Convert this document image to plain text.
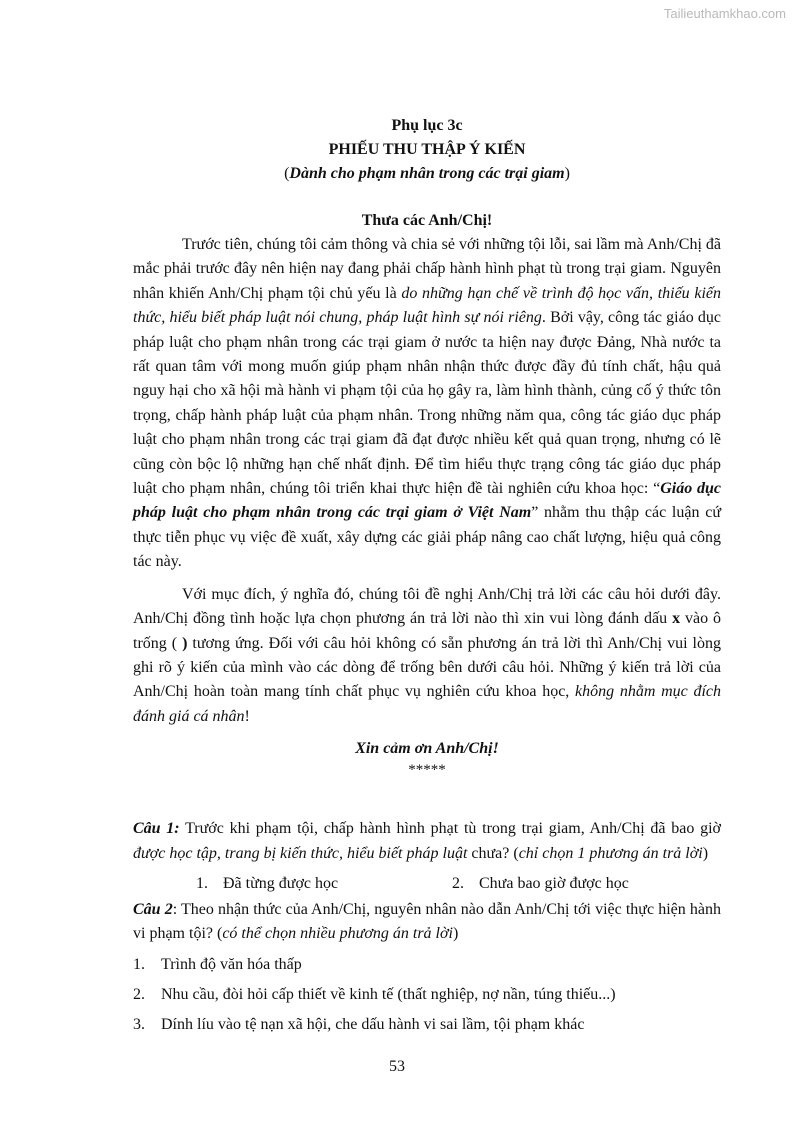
Tailieuthamkhao.com
Phụ lục 3c
PHIẾU THU THẬP Ý KIẾN
(Dành cho phạm nhân trong các trại giam)
Thưa các Anh/Chị!

Trước tiên, chúng tôi cảm thông và chia sẻ với những tội lỗi, sai lầm mà Anh/Chị đã mắc phải trước đây nên hiện nay đang phải chấp hành hình phạt tù trong trại giam. Nguyên nhân khiến Anh/Chị phạm tội chủ yếu là do những hạn chế về trình độ học vấn, thiếu kiến thức, hiểu biết pháp luật nói chung, pháp luật hình sự nói riêng. Bởi vậy, công tác giáo dục pháp luật cho phạm nhân trong các trại giam ở nước ta hiện nay được Đảng, Nhà nước ta rất quan tâm với mong muốn giúp phạm nhân nhận thức được đầy đủ tính chất, hậu quả nguy hại cho xã hội mà hành vi phạm tội của họ gây ra, làm hình thành, củng cố ý thức tôn trọng, chấp hành pháp luật của phạm nhân. Trong những năm qua, công tác giáo dục pháp luật cho phạm nhân trong các trại giam đã đạt được nhiều kết quả quan trọng, nhưng có lẽ cũng còn bộc lộ những hạn chế nhất định. Để tìm hiểu thực trạng công tác giáo dục pháp luật cho phạm nhân, chúng tôi triển khai thực hiện đề tài nghiên cứu khoa học: “Giáo dục pháp luật cho phạm nhân trong các trại giam ở Việt Nam” nhằm thu thập các luận cứ thực tiễn phục vụ việc đề xuất, xây dựng các giải pháp nâng cao chất lượng, hiệu quả công tác này.

Với mục đích, ý nghĩa đó, chúng tôi đề nghị Anh/Chị trả lời các câu hỏi dưới đây. Anh/Chị đồng tình hoặc lựa chọn phương án trả lời nào thì xin vui lòng đánh dấu x vào ô trống ( ) tương ứng. Đối với câu hỏi không có sẵn phương án trả lời thì Anh/Chị vui lòng ghi rõ ý kiến của mình vào các dòng để trống bên dưới câu hỏi. Những ý kiến trả lời của Anh/Chị hoàn toàn mang tính chất phục vụ nghiên cứu khoa học, không nhằm mục đích đánh giá cá nhân!

Xin cảm ơn Anh/Chị!
*****
Câu 1: Trước khi phạm tội, chấp hành hình phạt tù trong trại giam, Anh/Chị đã bao giờ được học tập, trang bị kiến thức, hiểu biết pháp luật chưa? (chỉ chọn 1 phương án trả lời)
1. Đã từng được học	2. Chưa bao giờ được học
Câu 2: Theo nhận thức của Anh/Chị, nguyên nhân nào dẫn Anh/Chị tới việc thực hiện hành vi phạm tội? (có thể chọn nhiều phương án trả lời)
1.	Trình độ văn hóa thấp
2.	Nhu cầu, đòi hỏi cấp thiết về kinh tế (thất nghiệp, nợ nần, túng thiếu...)
3.	Dính líu vào tệ nạn xã hội, che dấu hành vi sai lầm, tội phạm khác
53
